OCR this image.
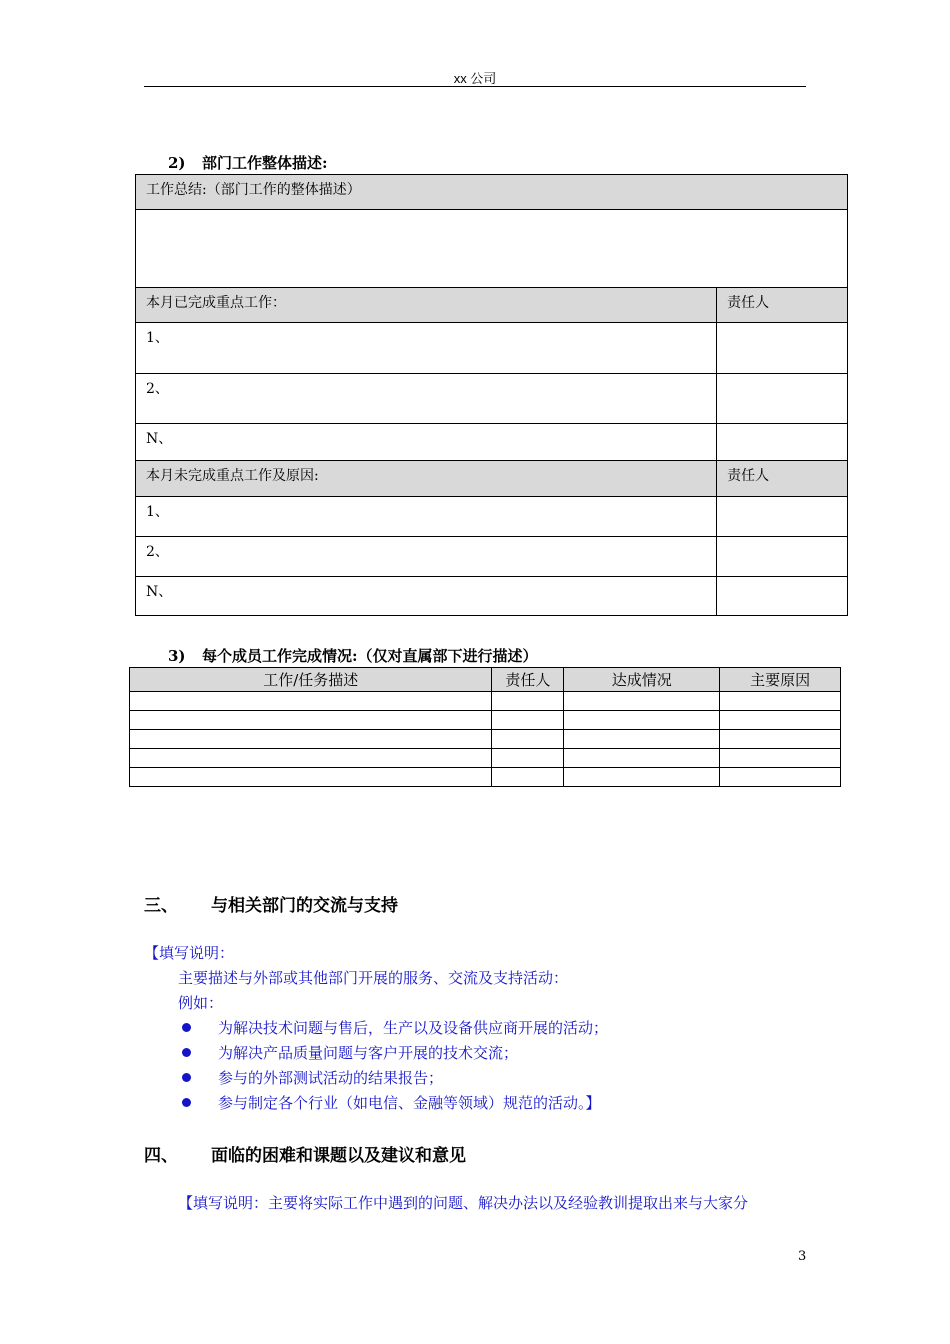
xx 公司
2) 部门工作整体描述:
工作总结:（部门工作的整体描述）	

本月已完成重点工作：	责任人

1、	

2、	

N、	

本月未完成重点工作及原因:	责任人

1、	

2、	

N、	

3) 每个成员工作完成情况:（仅对直属部下进行描述）
工作/任务描述	责任人	达成情况	主要原因

三、 与相关部门的交流与支持
【填写说明：
主要描述与外部或其他部门开展的服务、交流及支持活动：
例如：
为解决技术问题与售后，生产以及设备供应商开展的活动；
为解决产品质量问题与客户开展的技术交流；
参与的外部测试活动的结果报告；
参与制定各个行业（如电信、金融等领域）规范的活动。】
四、 面临的困难和课题以及建议和意见
【填写说明：主要将实际工作中遇到的问题、解决办法以及经验教训提取出来与大家分
3
